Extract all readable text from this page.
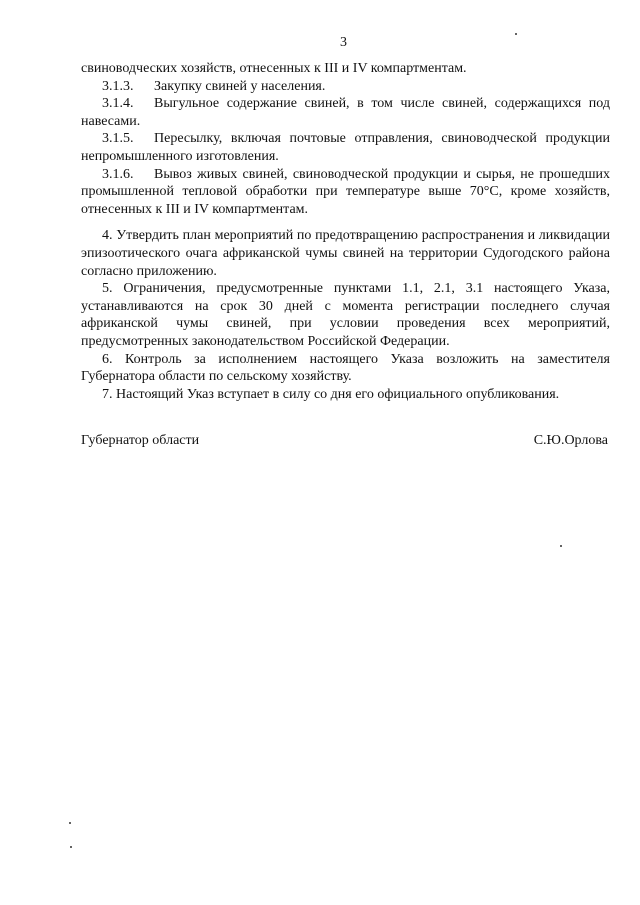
3

свиноводческих хозяйств, отнесенных к III и IV компартментам.

3.1.3. Закупку свиней у населения.

3.1.4. Выгульное содержание свиней, в том числе свиней, содержащихся под навесами.

3.1.5. Пересылку, включая почтовые отправления, свиноводческой продукции непромышленного изготовления.

3.1.6. Вывоз живых свиней, свиноводческой продукции и сырья, не прошедших промышленной тепловой обработки при температуре выше 70°С, кроме хозяйств, отнесенных к III и IV компартментам.

4. Утвердить план мероприятий по предотвращению распространения и ликвидации эпизоотического очага африканской чумы свиней на территории Судогодского района согласно приложению.

5. Ограничения, предусмотренные пунктами 1.1, 2.1, 3.1 настоящего Указа, устанавливаются на срок 30 дней с момента регистрации последнего случая африканской чумы свиней, при условии проведения всех мероприятий, предусмотренных законодательством Российской Федерации.

6. Контроль за исполнением настоящего Указа возложить на заместителя Губернатора области по сельскому хозяйству.

7. Настоящий Указ вступает в силу со дня его официального опубликования.

Губернатор области	С.Ю.Орлова
